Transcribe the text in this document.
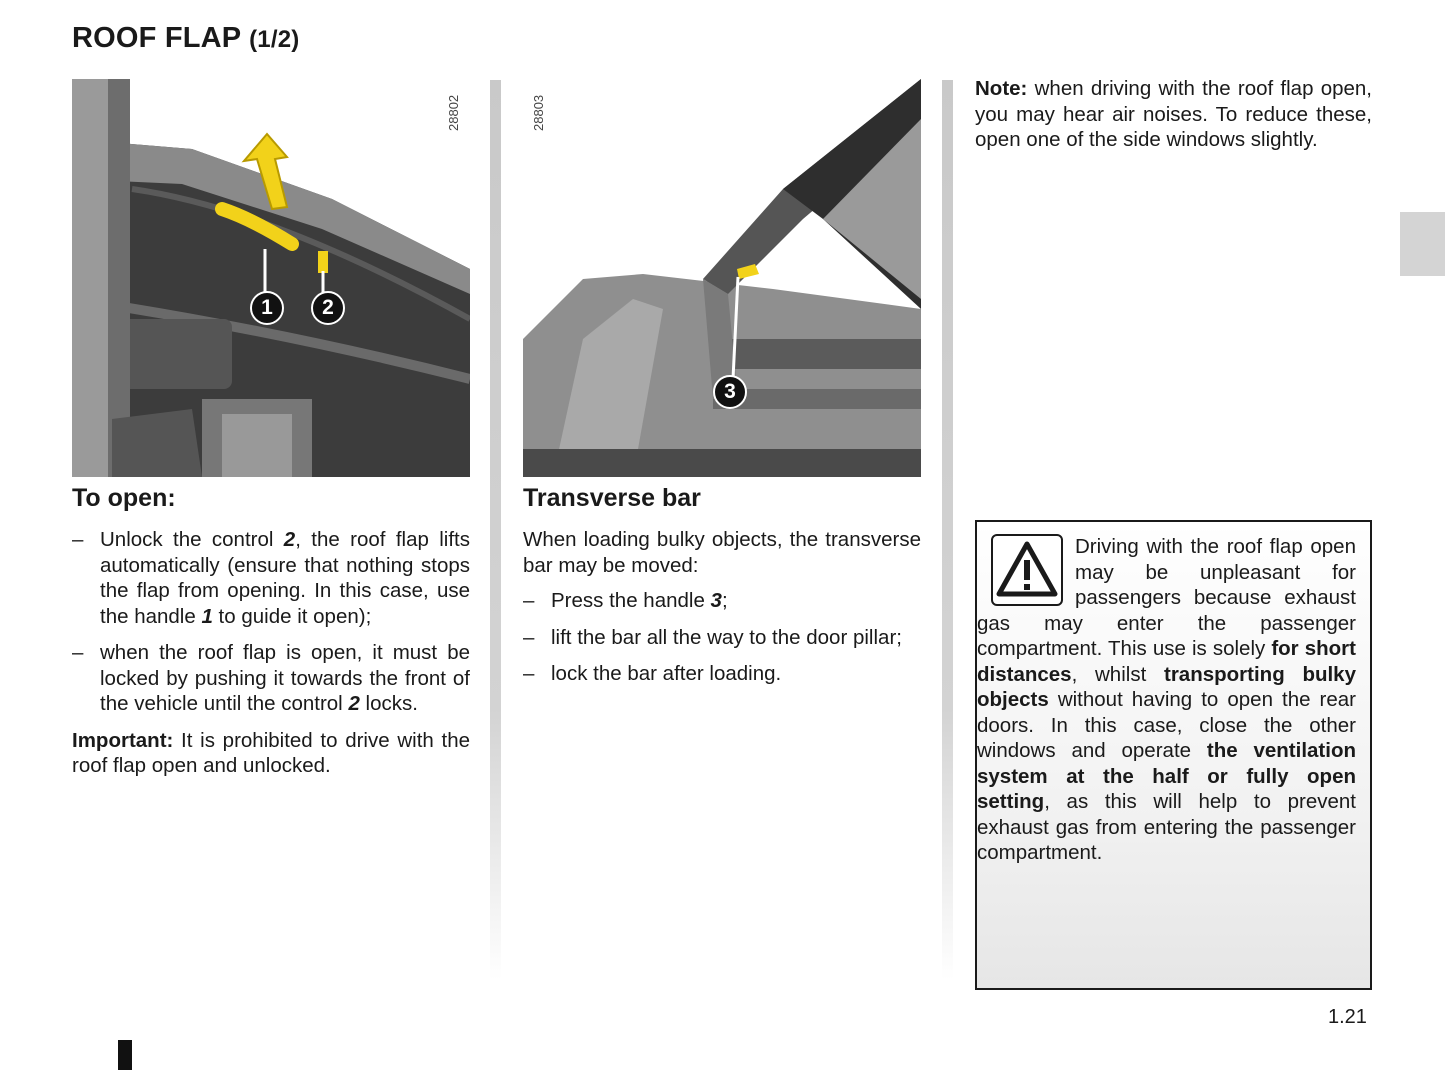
ROOF FLAP (1/2)
28802
1	2
28803
3
To open:
– Unlock the control 2, the roof flap lifts automatically (ensure that nothing stops the flap from opening. In this case, use the handle 1 to guide it open);
– when the roof flap is open, it must be locked by pushing it towards the front of the vehicle until the control 2 locks.
Important: It is prohibited to drive with the roof flap open and unlocked.
Transverse bar
When loading bulky objects, the transverse bar may be moved:
– Press the handle 3;
– lift the bar all the way to the door pillar;
– lock the bar after loading.
Note: when driving with the roof flap open, you may hear air noises. To reduce these, open one of the side windows slightly.
Driving with the roof flap open may be unpleasant for passengers because exhaust gas may enter the passenger compartment. This use is solely for short distances, whilst transporting bulky objects without having to open the rear doors. In this case, close the other windows and operate the ventilation system at the half or fully open setting, as this will help to prevent exhaust gas from entering the passenger compartment.
1.21
